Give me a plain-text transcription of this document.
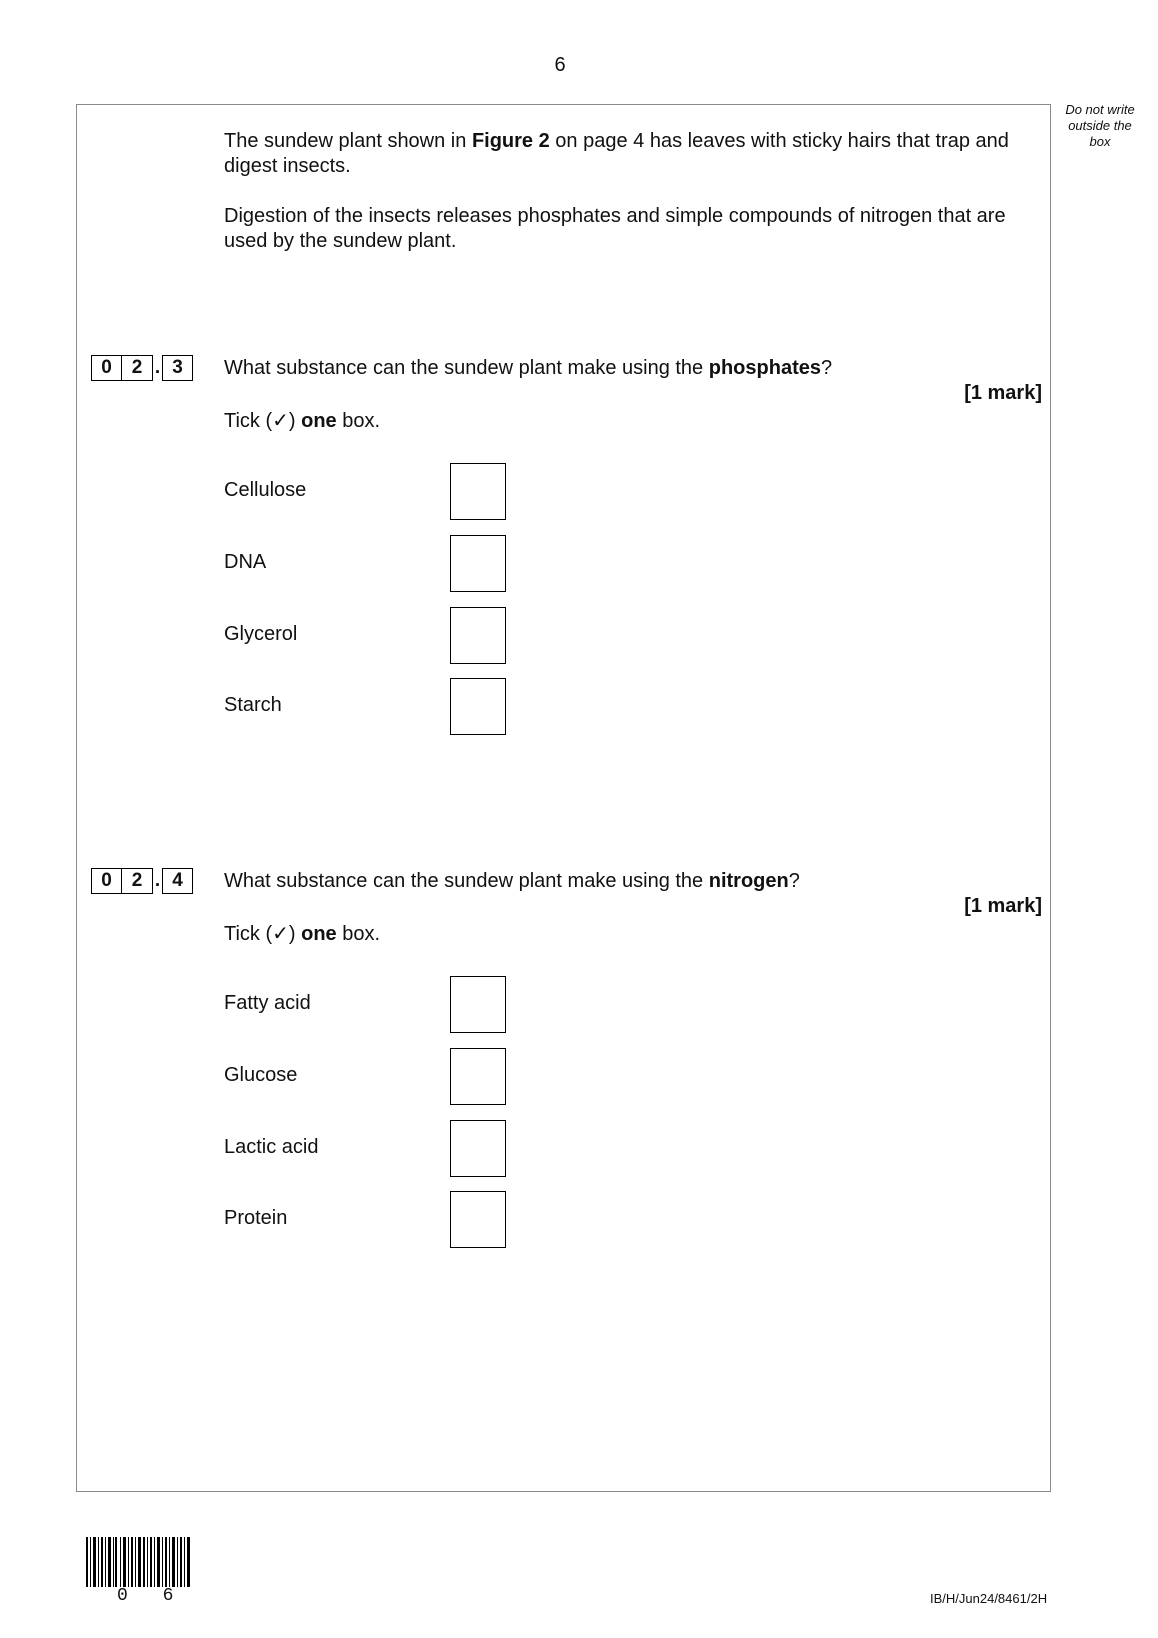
6
Do not write outside the box

The sundew plant shown in Figure 2 on page 4 has leaves with sticky hairs that trap and digest insects.

Digestion of the insects releases phosphates and simple compounds of nitrogen that are used by the sundew plant.

0	2 . 3	What substance can the sundew plant make using the phosphates?
[1 mark]
Tick (✓) one box.
Cellulose
DNA
Glycerol
Starch
0	2 . 4	What substance can the sundew plant make using the nitrogen?
[1 mark]
Tick (✓) one box.
Fatty acid
Glucose
Lactic acid
Protein
0 6	IB/H/Jun24/8461/2H
